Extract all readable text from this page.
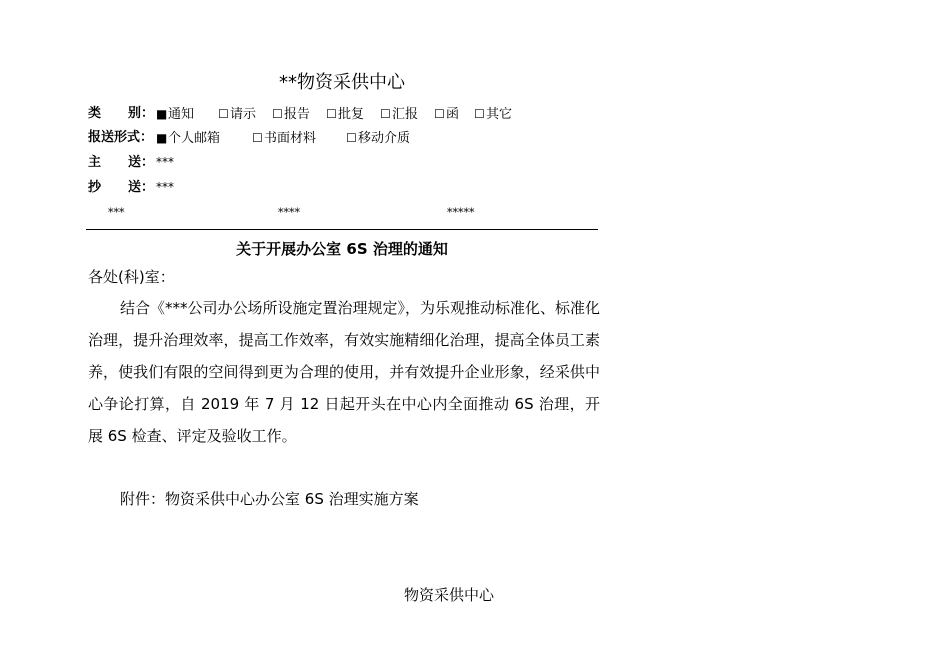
**物资采供中心
类 别： ■通知 ☐请示 ☐报告 ☐批复 ☐汇报 ☐函 ☐其它
报送形式： ■个人邮箱	☐书面材料 ☐移动介质
主 送： ***
抄 送： ***
***	****	*****
关于开展办公室 6S 治理的通知
各处(科)室：

结合《***公司办公场所设施定置治理规定》，为乐观推动标准化、标准化治理，提升治理效率，提高工作效率，有效实施精细化治理，提高全体员工素养，使我们有限的空间得到更为合理的使用，并有效提升企业形象，经采供中心争论打算，自 2019 年 7 月 12 日起开头在中心内全面推动 6S 治理，开展 6S 检查、评定及验收工作。

附件：物资采供中心办公室 6S 治理实施方案
物资采供中心
